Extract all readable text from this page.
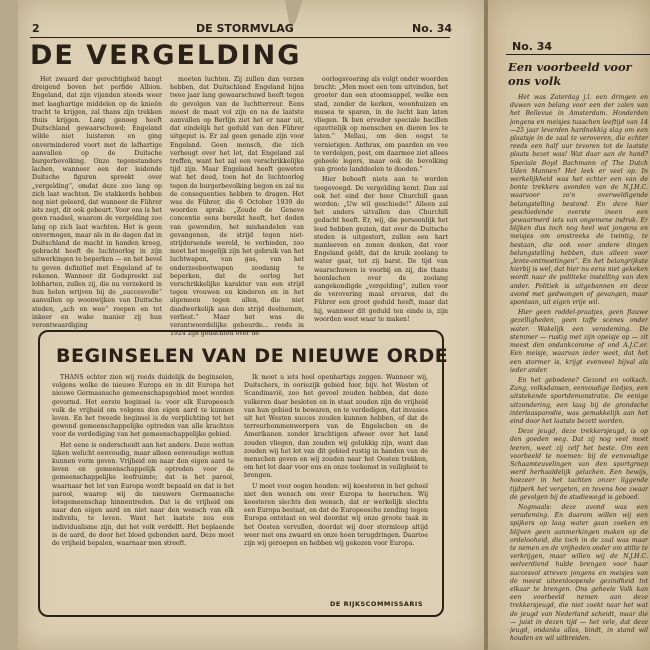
2	DE STORMVLAG	No. 34
DE VERGELDING

Het zwaard der gerechtigheid hangt dreigend boven het perfide Albion. Engeland, dat zijn vijanden steeds weer met laaghartige middelen op de knieën tracht te krijgen, zal thans zijn trekken thuis krijgen. Lang genoeg heeft Duitschland gewaarschuwd; Engeland wilde niet luisteren en ging onvermindered voort met de lafhartige aanvallen op de Duitsche burgerbevolking. Onze tegenstanders lachen, wanneer een der leidende Duitsche figuren spreekt over „vergelding“, omdat deze zoo lang op zich laat wachten. De stakkerds hebben nog niet geleerd, dat wanneer de Führer iets zegt, dit ook gebeurt. Voor ons is het geen raadsel, waarom de vergelding zoo lang op zich laat wachten. Het is geen onvermogen, maar als in de dagen dat in Duitschland de macht in handen kreeg, gebracht heeft de luchtoorlog in zijn uitwerkingen te beperken — en het bevel te geven definitief met Engeland af te rekenen. Wanneer dit Godspreekt zal lobharten, zullen zij, die nu verzekerd in hun holen wrijven bij de „succesvolle“ aanvallen op woonwijken van Duitsche steden, „ach en wee“ roepen en tot inkeer en wake manier zij hun verontwaardiging

moeten luchten. Zij zullen dan verzen hebben, dat Duitschland Engeland bijna twee jaar lang gewaarschuwd heeft tegen de gevolgen van de luchtterreur. Eens moest de maat vol zijn en na de laatste aanvallen op Berlijn ziet het er naar uit, dat eindelijk het geduld van den Führer uitgeput is. Er zal geen genade zijn voor Engeland. Geen mensch, die zich verheugt over het lot, dat Engeland zal treffen, want het zal een verschrikkelijke tijd zijn. Maar Engeland heeft geweten wat het deed, toen het de luchtoorlog tegen de burgerbevolking begon en zal nu de consequenties hebben te dragen. Het was de Führer, die 6 October 1939 de woorden sprak: „Zoude de Geneve concentie eens bereikt heeft, het doden van gewonden, het mishandelen van gevangenen, de strijd tegen niet-strijdersende wereld, te verbieden, zoo moet het mogelijk zijn het gebruik van het luchtwapen, van gas, van het onderzeebootwapen zoodanig te beperken, dat de oorlog het verschrikkelijke karakter van een strijd tegen vrouwen en kinderen en in het algemeen tegen allen, die niet daadwerkelijk aan den strijd deelnemen, verliest.“ Maar het was de verantwoordelijke gebeurde... reeds in 1924 zijn gedachten over de

oorlogsvoering als volgt onder woorden bracht: „Men moet een tom uitvinden, het grooter dan een atoomsappel, welke een stad, zonder de kerken, woonhuizen en musea te sparen, in de lucht kan laten vliegen. Ik ben erveder speciale bacillen opzettelijk op menschen en dieren los te laten.“ Mellau, om den oogst te vernietigen. Anthrax, om paarden en vee te verdelgen, pest, om daarmee ziet allees geheele legers, maar ook de bevolking van groote landdeelen te dooden.“

Hier behoeft niets aan te worden toegevoegd. De vergelding komt. Dan zal ook het eind der heer Churchill gaan worden: „Uw wil geschiede!“ Alleen zal het anders uitvallen dan Churchill gedacht heeft. Er, wij, die persoonlijk het leed hebben gezien, dat over de Duitsche steden is uitgestort, zullen een hart manleeven en zonen denken, dat voor Engeland geldt, dat de kruik zoolang te water gaat, tot zij barst. De tijd van waarschuwen is voorbij en zij, die thans hoonlachen over de zoolang aangekondigde „vergelding“, zullen voor de verovering maal ervaren, dat de Führer een groot geduld heeft, maar dat hij, wanneer dit geduld ten einde is, zijn woorden weet waar te maken!

BEGINSELEN VAN DE NIEUWE ORDE

THANS echter zien wij reeds duidelijk de beginselen, volgens welke de nieuwe Europa en in dit Europa het nieuwe Germaansche gemeenschapsgebied moet worden gevormd. Het eerste beginsel is: voor elk Europeesch volk de vrijheid om volgens den eigen aard te kunnen leven. En het tweede beginsel is de verplichting tot het gewond gemeenschappelijke optreden van alle krachten voor de verdediging van het gemeenschappelijke gebied.

Het eene is onderscheidt aan het andere. Deze wetten lijken welicht eenvoudig, maar alleen eenvoudige wetten kunnen vorm geven. Vrijheid om naar den eigen aard te leven en gemeenschappelijk optreden voor de gemeenschappelijke leefruimte; dat is het parool, waarnaar het lot van Europa wordt bepaald en dat is het parool, waarop wij de nieuwere Germaansche lotsgemeenschap hinnentreden. Dat is de vrijheid om naar den eigen aard en niet naar den wensch van elk individu, te leven. Want het laatste zou een individualisme zijn, dat het volk verdelft. Het beplaende is de aard, de door het bloed gebonden aard. Deze moet de vrijheid bepalen, waarnaar men streeft.

Ik moet u iets heel openhartigs zeggen. Wanneer wij, Duitschers, in ooriezijk gebied hier, bijv. het Westen of Scandinavië, zoo het gevoel zouden hebben, dat deze volkeren daar besloten en in staat zouden zijn de vrijheid van hun gebied te bewaren, en te verdedigen, dat invasies uit het Westen succes zouden kunnen hebben, of dat de terreurbommenwerpers van de Engelschen en de Amerikanen zonder krachtigen afweer over het land zouden vliegen, dan zouden wij gelukkig zijn, want dan zouden wij het lot van dit gebied rustig in handen van de menschen geven en wij zouden naar het Oosten trekken, om het lot daar voor ons en onze toekomst in veiligheid te brengen.

U moet voor oogen houden: wij koesteren in het geheel niet den wensch om over Europa te heerschen. Wij koesteren slechts den wensch, dat er werkelijk slechts een Europa bestaat, en dat de Europeesche zending tegen Europa ontstaat en wel doordat wij onze groote taak in het Oosten vervullen, doordat wij door stormloop altijd weer met ons zwaard en onze hoen terugdringen. Daartoe zijn wij geroepen en hebben wij gekozen voor Europa.

DE RIJKSCOMMISSARIS
No. 34
Een voorbeeld voor ons volk

Het was Zaterdag j.l. een dringen en duwen van belang voor een der zalen van het Bellevue in Amsterdam. Honderden jongens en meisjes tusschen leeftijd van 14—25 jaar leverden hardnekkig slag om een plaatsje in de zaal te veroveren, die echter reeds een half uur tevoren tot de laatste plaats bezet was! Wat daar aan de hand? Speciale Boyd Bachmann of The Dutch Uden Mannen? Het leek er veel op. In werkelijkheid was het echter een van de bonte trekkers avonden van de N.J.H.C. waarvoor zo'n overweldigende belangstelling bestond. En deze hier geschiedende overste ineen een gewaarmerd iets van ongemene indruk. Er blijken dus toch nog heel wat jongens en meisjes om omstreeks de twintig, te bestaan, die ook voor andere dingen belangstelling hebben, dan alleen voor „lente-ontmoetingen“. En het belangrijkste hierbij is wel, dat hier nu eens niet gekeken wordt naar de politieke instelling van den ander. Politiek is uitgebannen en deze avond met gedwongen of gevangen, maar spontaan, uit eigen vrije wil.

Hier geen roddel-praatjes, geen flauwe gezelligheden, geen taffe scènes onder water. Wakelijk een verademing. De stemmer — rustig met zijn opeisje op — zit meest den ondankcomme of ond A.J.C.er. Een meisje, waarvan ieder weet, dat het een stormer is, krijgt evenveel bijval als ieder ander.

En het gebodene? Gezond en volksch. Zang, volksdansen, eenvoudige liedjes, een uitstekende sportdemonstratie. De eenige uitzondering, een laag bij de grondsche interlaasparodie, was gemakkelijk aan het eind door het laatste bezett worden.

Deze jeugd, deze trekkersjeugd, is op den goeden weg. Dat zij nog veel moet leeren, weet zij zelf het beste. Om een voorbeeld te noemen: bij de eenvoudige Schaamteuvelingen van den sportgroep werd herhaaldelijk gelachen. Een bewijs, hoezeer in het tachten onzer liggende tijdperk het vergeten, en tevens hoe zwaar de gevolgen bij de studiewegd is geboed.

Nogmaals: deze avond was een verademing. En daarom willen wij een spijkers op laag water gaan zoeken en blijven geen aanmerkingen maken op de ordelooheid, die toch in de zaal was maar te nemen en de vrijheden onder om stilte te verkrijgen, maar willen wij de N.J.H.C. welverdiend hulde brengen voor haar succesvol streven jongens en meisjes van de meest uiteenloopende gezindheid tot elkaar te brengen. Ons geheele Volk kan een voorbeeld nemen aan deze trekkersjeugd, die niet zoekt naar het wat de jeugd van Nederland scheidt, maar die — juist in dezen tijd — het vele, dat deze jeugd, ondanks alles, bindt, in stand wil houden en wil uitbreiden.
